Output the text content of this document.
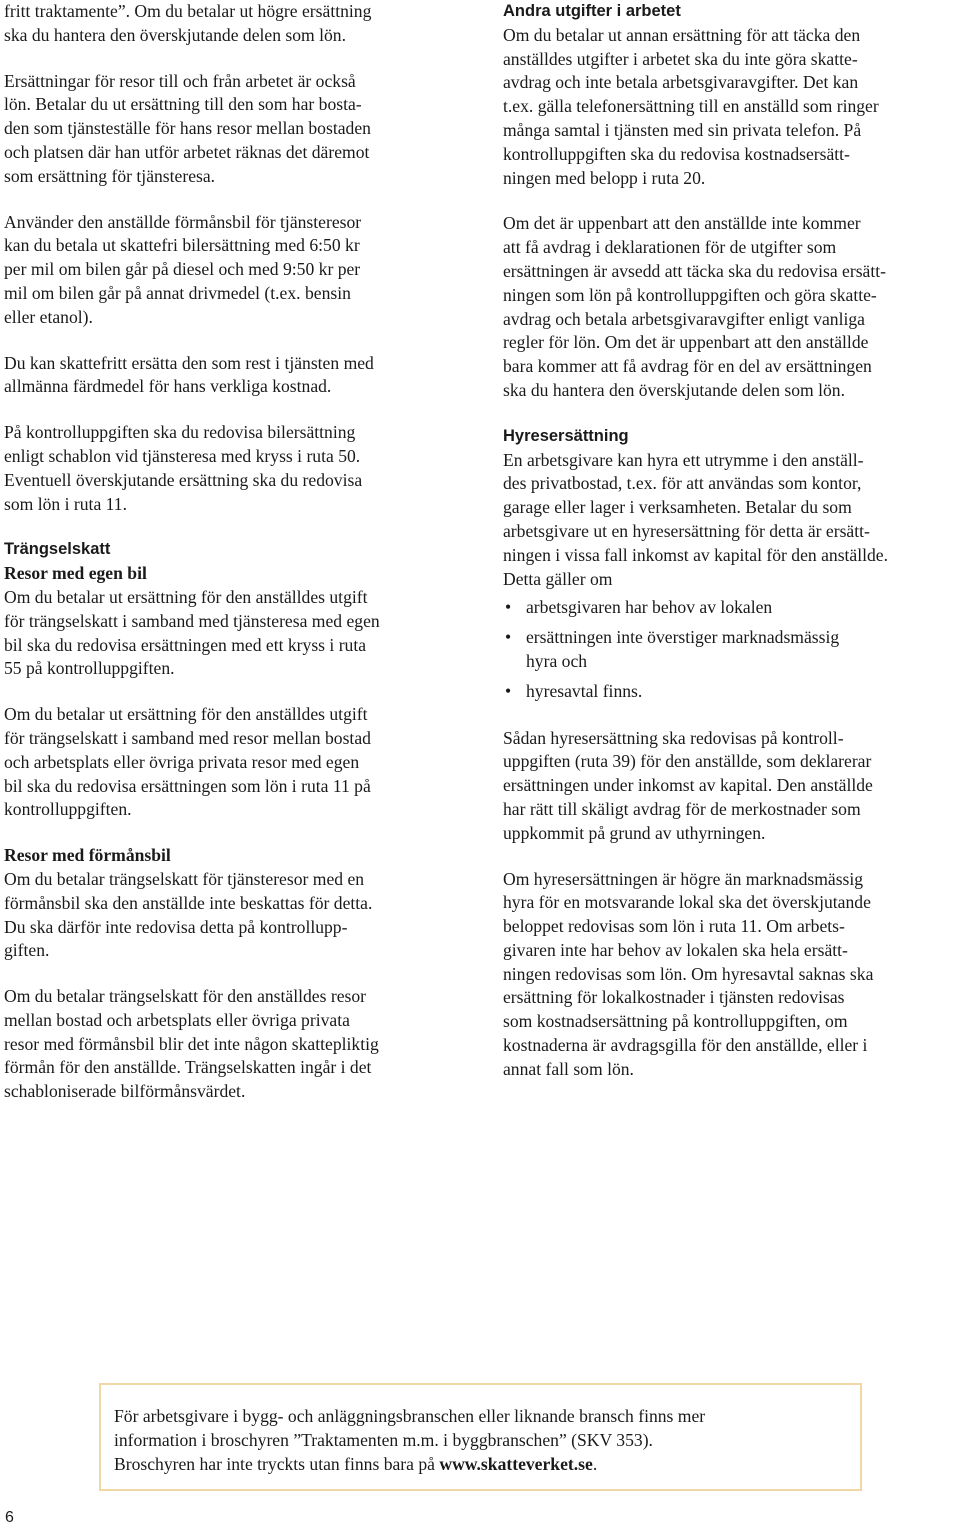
fritt traktamente”. Om du betalar ut högre ersättning
ska du hantera den överskjutande delen som lön.
Ersättningar för resor till och från arbetet är också
lön. Betalar du ut ersättning till den som har bosta-
den som tjänsteställe för hans resor mellan bostaden
och platsen där han utför arbetet räknas det däremot
som ersättning för tjänsteresa.
Använder den anställde förmånsbil för tjänsteresor
kan du betala ut skattefri bilersättning med 6:50 kr
per mil om bilen går på diesel och med 9:50 kr per
mil om bilen går på annat drivmedel (t.ex. bensin
eller etanol).
Du kan skattefritt ersätta den som rest i tjänsten med
allmänna färdmedel för hans verkliga kostnad.
På kontrolluppgiften ska du redovisa bilersättning
enligt schablon vid tjänsteresa med kryss i ruta 50.
Eventuell överskjutande ersättning ska du redovisa
som lön i ruta 11.
Trängselskatt
Resor med egen bil
Om du betalar ut ersättning för den anställdes utgift
för trängselskatt i samband med tjänsteresa med egen
bil ska du redovisa ersättningen med ett kryss i ruta
55 på kontrolluppgiften.
Om du betalar ut ersättning för den anställdes utgift
för trängselskatt i samband med resor mellan bostad
och arbetsplats eller övriga privata resor med egen
bil ska du redovisa ersättningen som lön i ruta 11 på
kontrolluppgiften.
Resor med förmånsbil
Om du betalar trängselskatt för tjänsteresor med en
förmånsbil ska den anställde inte beskattas för detta.
Du ska därför inte redovisa detta på kontrollupp-
giften.
Om du betalar trängselskatt för den anställdes resor
mellan bostad och arbetsplats eller övriga privata
resor med förmånsbil blir det inte någon skattepliktig
förmån för den anställde. Trängselskatten ingår i det
schabloniserade bilförmånsvärdet.
Andra utgifter i arbetet
Om du betalar ut annan ersättning för att täcka den
anställdes utgifter i arbetet ska du inte göra skatte-
avdrag och inte betala arbetsgivaravgifter. Det kan
t.ex. gälla telefonersättning till en anställd som ringer
många samtal i tjänsten med sin privata telefon. På
kontrolluppgiften ska du redovisa kostnadsersätt-
ningen med belopp i ruta 20.
Om det är uppenbart att den anställde inte kommer
att få avdrag i deklarationen för de utgifter som
ersättningen är avsedd att täcka ska du redovisa ersätt-
ningen som lön på kontrolluppgiften och göra skatte-
avdrag och betala arbetsgivaravgifter enligt vanliga
regler för lön. Om det är uppenbart att den anställde
bara kommer att få avdrag för en del av ersättningen
ska du hantera den överskjutande delen som lön.
Hyresersättning
En arbetsgivare kan hyra ett utrymme i den anställ-
des privatbostad, t.ex. för att användas som kontor,
garage eller lager i verksamheten. Betalar du som
arbetsgivare ut en hyresersättning för detta är ersätt-
ningen i vissa fall inkomst av kapital för den anställde.
Detta gäller om
• arbetsgivaren har behov av lokalen
• ersättningen inte överstiger marknadsmässig
hyra och
• hyresavtal finns.
Sådan hyresersättning ska redovisas på kontroll-
uppgiften (ruta 39) för den anställde, som deklarerar
ersättningen under inkomst av kapital. Den anställde
har rätt till skäligt avdrag för de merkostnader som
uppkommit på grund av uthyrningen.
Om hyresersättningen är högre än marknadsmässig
hyra för en motsvarande lokal ska det överskjutande
beloppet redovisas som lön i ruta 11. Om arbets-
givaren inte har behov av lokalen ska hela ersätt-
ningen redovisas som lön. Om hyresavtal saknas ska
ersättning för lokalkostnader i tjänsten redovisas
som kostnadsersättning på kontrolluppgiften, om
kostnaderna är avdragsgilla för den anställde, eller i
annat fall som lön.
För arbetsgivare i bygg- och anläggningsbranschen eller liknande bransch finns mer
information i broschyren ”Traktamenten m.m. i byggbranschen” (SKV 353).
Broschyren har inte tryckts utan finns bara på www.skatteverket.se.
6
